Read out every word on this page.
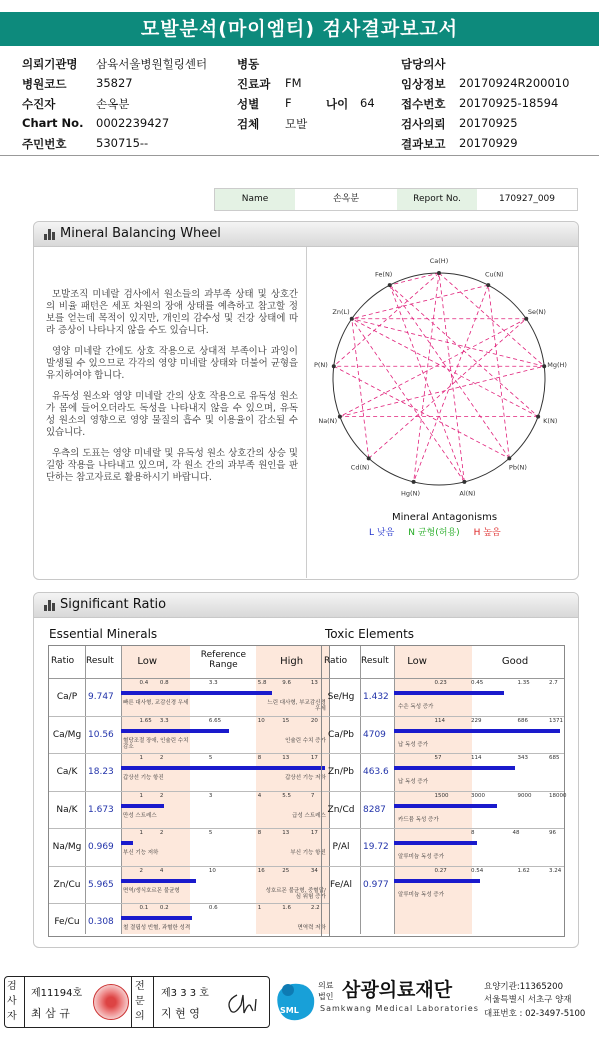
모발분석(마이엠티) 검사결과보고서
의뢰기관명 삼육서울병원힐링센터
병원코드	35827
수진자	손옥분
Chart No. 0002239427
주민번호	530715--
병동
진료과 FM
성별 F
검체 모발
담당의사
임상정보 20170924R200010
접수번호 20170925-18594
검사의뢰 20170925
결과보고 20170929
나이 64
Name	손옥분	Report No.	170927_009
Mineral Balancing Wheel

모발조직 미네랄 검사에서 원소들의 과부족 상태 및 상호간의 비율 패턴은 세포 차원의 장애 상태를 예측하고 참고할 정보를 얻는데 목적이 있지만, 개인의 감수성 및 건강 상태에 따라 증상이 나타나지 않을 수도 있습니다.

영양 미네랄 간에도 상호 작용으로 상대적 부족이나 과잉이 발생될 수 있으므로 각각의 영양 미네랄 상태와 더불어 균형을 유지하여야 합니다.

유독성 원소와 영양 미네랄 간의 상호 작용으로 유독성 원소가 몸에 들어오더라도 독성을 나타내지 않을 수 있으며, 유독성 원소의 영향으로 영양 물질의 흡수 및 이용율이 감소될 수 있습니다.

우측의 도표는 영양 미네랄 및 유독성 원소 상호간의 상승 및 길항 작용을 나타내고 있으며, 각 원소 간의 과부족 원인을 판단하는 참고자료로 활용하시기 바랍니다.

Ca(H)
Cu(N)
Se(N)
Mg(H)
K(N)
Pb(N)
Al(N)
Hg(N)
Cd(N)
Na(N)
P(N)
Zn(L)
Fe(N)
Mineral Antagonisms
L 낮음 N 균형(허용) H 높음
Significant Ratio
Essential Minerals	Toxic Elements
Ratio Result Low
Reference Range	High
Ca/P	9.747
0.4 0.8	3.3	5.8	9.6	13
빠른 대사형, 교감신경 우세	느린 대사형, 부교감신경 우세
Ca/Mg 10.56
1.65 3.3	6.65	10	15	20
혈당조절 장애, 인슐린 수치 감소
인슐린 수치 증가
Ca/K	18.23
1	2	5	8	13	17
갑상선 기능 항진	갑상선 기능 저하
Na/K	1.673
1	2	3	4	5.5	7
만성 스트레스	급성 스트레스
Na/Mg 0.969
1	2	5	8	13	17
부신 기능 저하	부신 기능 항진
Zn/Cu 5.965
2	4	10	16	25	34
면역/생식호르몬 불균형	성호르몬 불균형, 중혈압/심 위험 증가
Fe/Cu 0.308
0.1 0.2	0.6	1	1.6	2.2
철 결핍성 빈혈, 과혈한 성격	면역력 저하
Ratio Result Low	Good
Se/Hg 1.432
0.23	0.45	1.35	2.7
수은 독성 증가
Ca/Pb	4709
114	229	686	1371
납 독성 증가
Zn/Pb 463.6
57	114	343	685
납 독성 증가
Zn/Cd 8287
1500	3000	9000	18000
카드뮴 독성 증가
P/Al	19.72
8	48	96
알루미늄 독성 증가
Fe/Al	0.977
0.27	0.54	1.62	3.24
알루미늄 독성 증가
검사자
제11194호
최 삼 규
전문의
제3 3 3 호
지 현 영	SML
의료법인 삼광의료재단
Samkwang Medical Laboratories
요양기관:11365200
서울특별시 서초구 양재
대표번호 : 02-3497-5100
